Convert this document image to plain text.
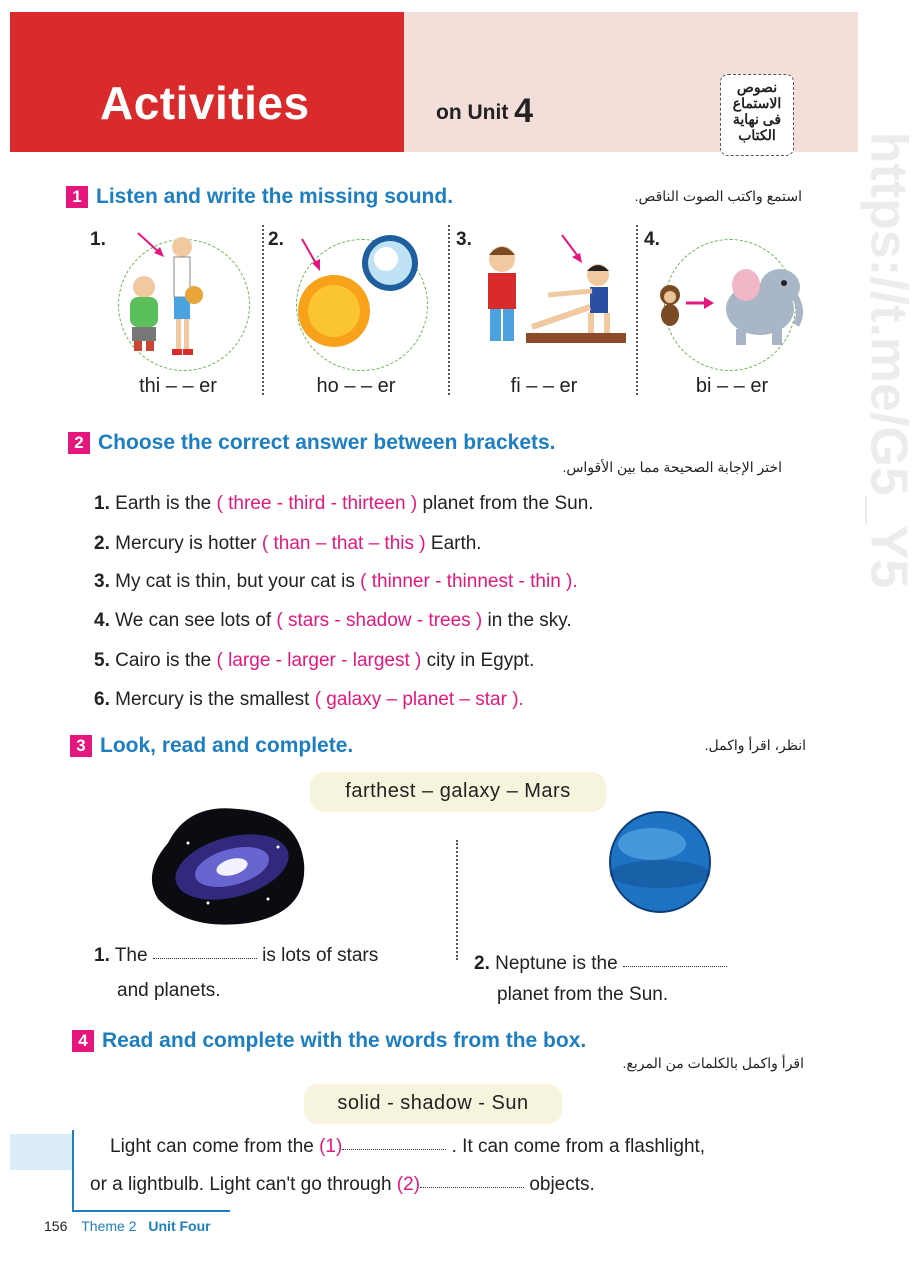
Activities	on Unit 4
نصوص
الاستماع
فى نهاية
الكتاب
1 Listen and write the missing sound.	استمع واكتب الصوت الناقص.
1.
thi – – er
2.
ho – – er
3.
fi – – er
4.
bi – – er
2 Choose the correct answer between brackets.
اختر الإجابة الصحيحة مما بين الأقواس.
1. Earth is the ( three - third - thirteen ) planet from the Sun.
2. Mercury is hotter ( than – that – this ) Earth.
3. My cat is thin, but your cat is ( thinner - thinnest - thin ).
4. We can see lots of ( stars - shadow - trees ) in the sky.
5. Cairo is the ( large - larger - largest ) city in Egypt.
6. Mercury is the smallest ( galaxy – planet – star ).
3 Look, read and complete.	انظر، اقرأ واكمل.
farthest – galaxy – Mars
1. The	is lots of stars
and planets.
2. Neptune is the
planet from the Sun.
4 Read and complete with the words from the box.
اقرأ واكمل بالكلمات من المربع.
solid - shadow - Sun
Light can come from the (1)	. It can come from a flashlight,
or a lightbulb. Light can't go through (2)	objects.
156 Theme 2 Unit Four
https://t.me/G5_Y5
